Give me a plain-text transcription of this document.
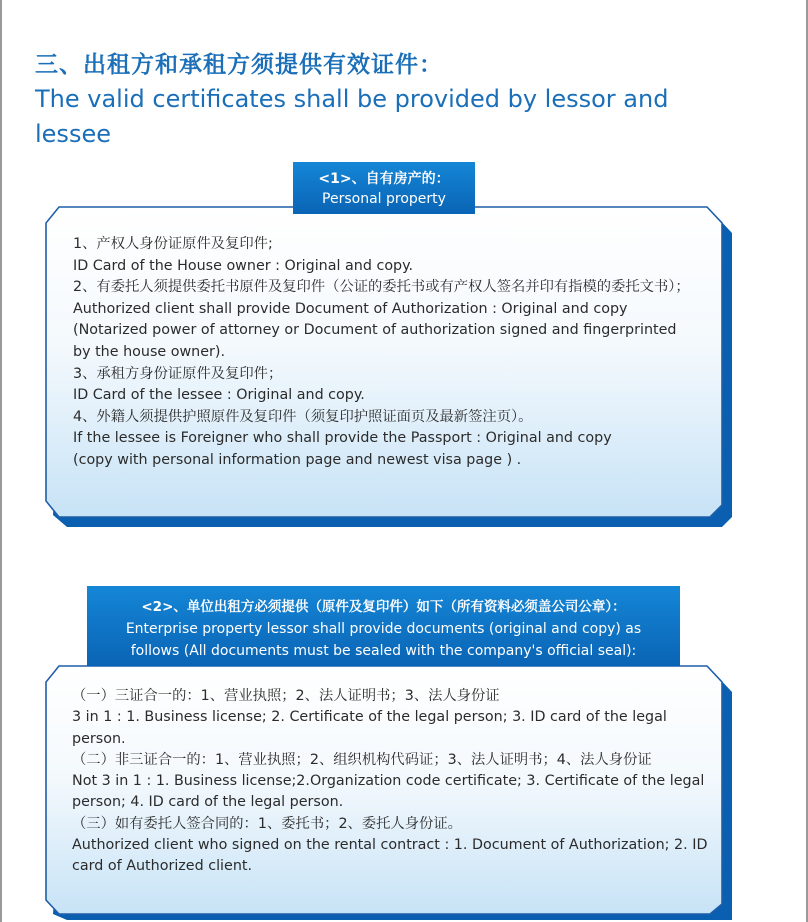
三、出租方和承租方须提供有效证件：
The valid certificates shall be provided by lessor and lessee

1、产权人身份证原件及复印件;

ID Card of the House owner : Original and copy.

2、有委托人须提供委托书原件及复印件（公证的委托书或有产权人签名并印有指模的委托文书）；

Authorized client shall provide Document of Authorization : Original and copy (Notarized power of attorney or Document of authorization signed and fingerprinted by the house owner).

3、承租方身份证原件及复印件；

ID Card of the lessee : Original and copy.

4、外籍人须提供护照原件及复印件（须复印护照证面页及最新签注页）。

If the lessee is Foreigner who shall provide the Passport : Original and copy

(copy with personal information page and newest visa page ) .

<1>、自有房产的：
Personal property

（一）三证合一的：1、营业执照；2、法人证明书；3、法人身份证

3 in 1 : 1. Business license; 2. Certificate of the legal person; 3. ID card of the legal person.

（二）非三证合一的：1、营业执照；2、组织机构代码证；3、法人证明书；4、法人身份证

Not 3 in 1 : 1. Business license;2.Organization code certificate; 3. Certificate of the legal person; 4. ID card of the legal person.

（三）如有委托人签合同的：1、委托书；2、委托人身份证。

Authorized client who signed on the rental contract : 1. Document of Authorization; 2. ID card of Authorized client.

<2>、单位出租方必须提供（原件及复印件）如下（所有资料必须盖公司公章）：
Enterprise property lessor shall provide documents (original and copy) as
follows (All documents must be sealed with the company's official seal):
